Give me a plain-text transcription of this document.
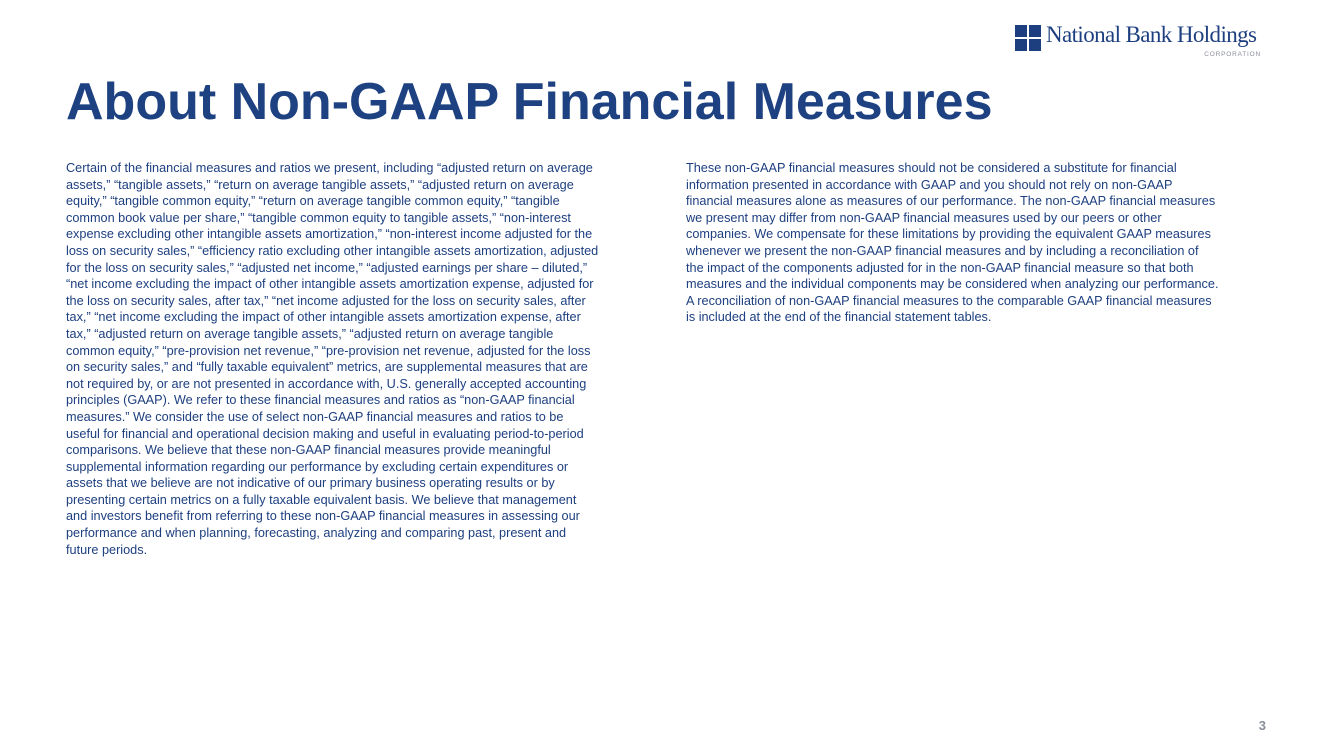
National Bank Holdings
CORPORATION
About Non-GAAP Financial Measures

Certain of the financial measures and ratios we present, including “adjusted return on average
assets,” “tangible assets,” “return on average tangible assets,” “adjusted return on average
equity,” “tangible common equity,” “return on average tangible common equity,” “tangible
common book value per share,” “tangible common equity to tangible assets,” “non-interest
expense excluding other intangible assets amortization,” “non-interest income adjusted for the
loss on security sales,” “efficiency ratio excluding other intangible assets amortization, adjusted
for the loss on security sales,” “adjusted net income,” “adjusted earnings per share – diluted,”
“net income excluding the impact of other intangible assets amortization expense, adjusted for
the loss on security sales, after tax,” “net income adjusted for the loss on security sales, after
tax,” “net income excluding the impact of other intangible assets amortization expense, after
tax,” “adjusted return on average tangible assets,” “adjusted return on average tangible
common equity,” “pre-provision net revenue,” “pre-provision net revenue, adjusted for the loss
on security sales,” and “fully taxable equivalent” metrics, are supplemental measures that are
not required by, or are not presented in accordance with, U.S. generally accepted accounting
principles (GAAP). We refer to these financial measures and ratios as “non-GAAP financial
measures.” We consider the use of select non-GAAP financial measures and ratios to be
useful for financial and operational decision making and useful in evaluating period-to-period
comparisons. We believe that these non-GAAP financial measures provide meaningful
supplemental information regarding our performance by excluding certain expenditures or
assets that we believe are not indicative of our primary business operating results or by
presenting certain metrics on a fully taxable equivalent basis. We believe that management
and investors benefit from referring to these non-GAAP financial measures in assessing our
performance and when planning, forecasting, analyzing and comparing past, present and
future periods.

These non-GAAP financial measures should not be considered a substitute for financial
information presented in accordance with GAAP and you should not rely on non-GAAP
financial measures alone as measures of our performance. The non-GAAP financial measures
we present may differ from non-GAAP financial measures used by our peers or other
companies. We compensate for these limitations by providing the equivalent GAAP measures
whenever we present the non-GAAP financial measures and by including a reconciliation of
the impact of the components adjusted for in the non-GAAP financial measure so that both
measures and the individual components may be considered when analyzing our performance.
A reconciliation of non-GAAP financial measures to the comparable GAAP financial measures
is included at the end of the financial statement tables.

3
